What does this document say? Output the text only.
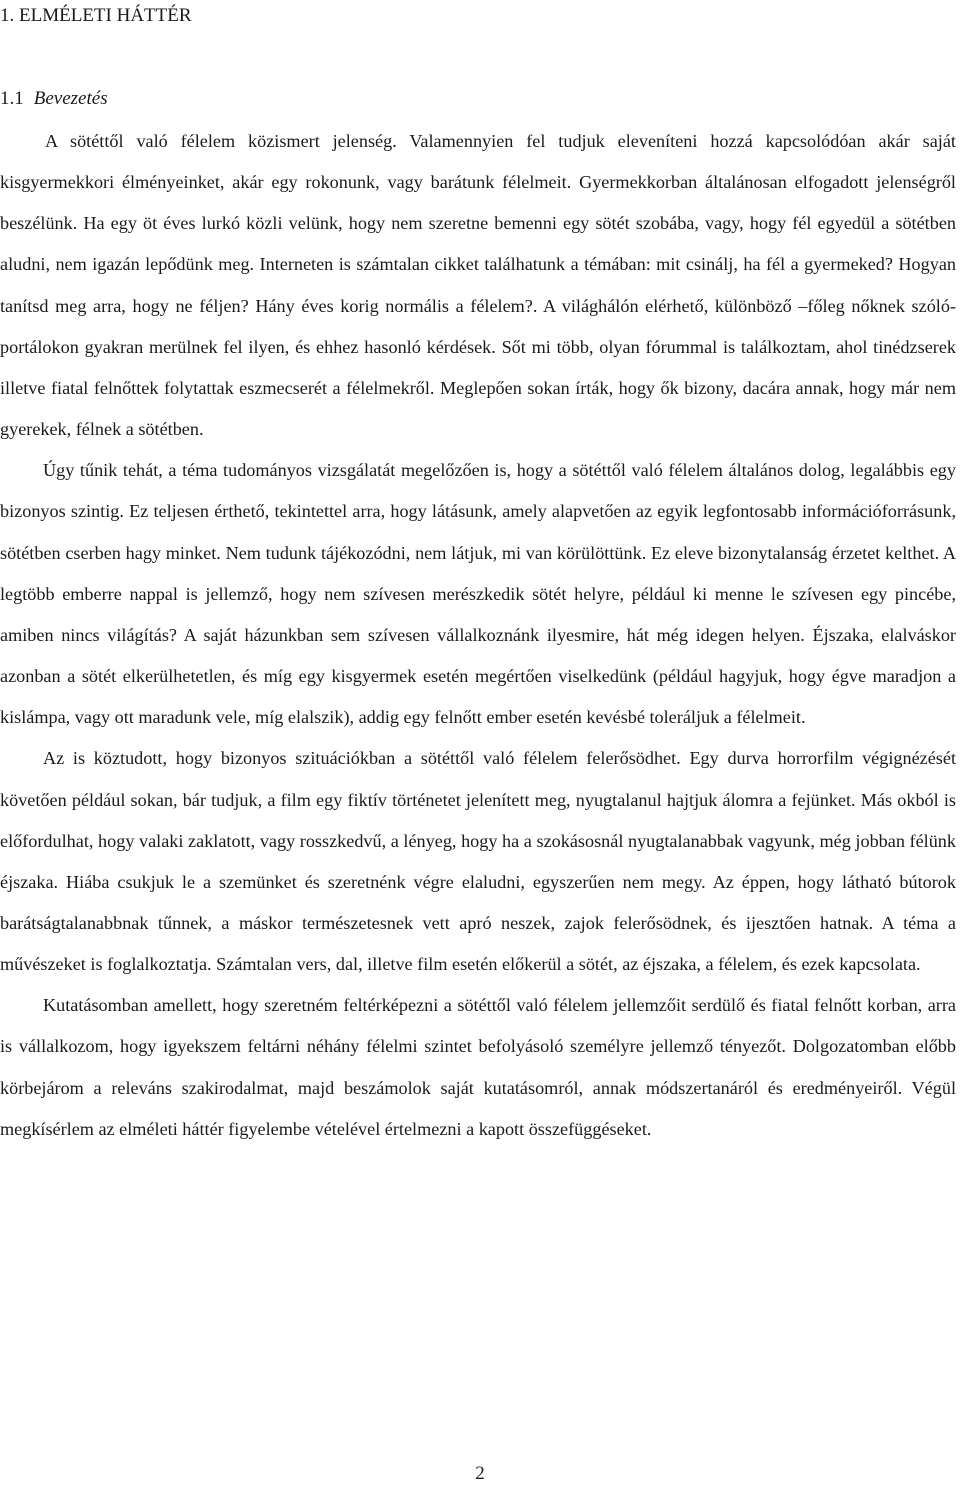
1. ELMÉLETI HÁTTÉR
1.1 Bevezetés

A sötéttől való félelem közismert jelenség. Valamennyien fel tudjuk eleveníteni hozzá kapcsolódóan akár saját kisgyermekkori élményeinket, akár egy rokonunk, vagy barátunk félelmeit. Gyermekkorban általánosan elfogadott jelenségről beszélünk. Ha egy öt éves lurkó közli velünk, hogy nem szeretne bemenni egy sötét szobába, vagy, hogy fél egyedül a sötétben aludni, nem igazán lepődünk meg. Interneten is számtalan cikket találhatunk a témában: mit csinálj, ha fél a gyermeked? Hogyan tanítsd meg arra, hogy ne féljen? Hány éves korig normális a félelem?. A világhálón elérhető, különböző –főleg nőknek szóló- portálokon gyakran merülnek fel ilyen, és ehhez hasonló kérdések. Sőt mi több, olyan fórummal is találkoztam, ahol tinédzserek illetve fiatal felnőttek folytattak eszmecserét a félelmekről. Meglepően sokan írták, hogy ők bizony, dacára annak, hogy már nem gyerekek, félnek a sötétben.

Úgy tűnik tehát, a téma tudományos vizsgálatát megelőzően is, hogy a sötéttől való félelem általános dolog, legalábbis egy bizonyos szintig. Ez teljesen érthető, tekintettel arra, hogy látásunk, amely alapvetően az egyik legfontosabb információforrásunk, sötétben cserben hagy minket. Nem tudunk tájékozódni, nem látjuk, mi van körülöttünk. Ez eleve bizonytalanság érzetet kelthet. A legtöbb emberre nappal is jellemző, hogy nem szívesen merészkedik sötét helyre, például ki menne le szívesen egy pincébe, amiben nincs világítás? A saját házunkban sem szívesen vállalkoznánk ilyesmire, hát még idegen helyen. Éjszaka, elalváskor azonban a sötét elkerülhetetlen, és míg egy kisgyermek esetén megértően viselkedünk (például hagyjuk, hogy égve maradjon a kislámpa, vagy ott maradunk vele, míg elalszik), addig egy felnőtt ember esetén kevésbé toleráljuk a félelmeit.

Az is köztudott, hogy bizonyos szituációkban a sötéttől való félelem felerősödhet. Egy durva horrorfilm végignézését követően például sokan, bár tudjuk, a film egy fiktív történetet jelenített meg, nyugtalanul hajtjuk álomra a fejünket. Más okból is előfordulhat, hogy valaki zaklatott, vagy rosszkedvű, a lényeg, hogy ha a szokásosnál nyugtalanabbak vagyunk, még jobban félünk éjszaka. Hiába csukjuk le a szemünket és szeretnénk végre elaludni, egyszerűen nem megy. Az éppen, hogy látható bútorok barátságtalanabbnak tűnnek, a máskor természetesnek vett apró neszek, zajok felerősödnek, és ijesztően hatnak. A téma a művészeket is foglalkoztatja. Számtalan vers, dal, illetve film esetén előkerül a sötét, az éjszaka, a félelem, és ezek kapcsolata.

Kutatásomban amellett, hogy szeretném feltérképezni a sötéttől való félelem jellemzőit serdülő és fiatal felnőtt korban, arra is vállalkozom, hogy igyekszem feltárni néhány félelmi szintet befolyásoló személyre jellemző tényezőt. Dolgozatomban előbb körbejárom a releváns szakirodalmat, majd beszámolok saját kutatásomról, annak módszertanáról és eredményeiről. Végül megkísérlem az elméleti háttér figyelembe vételével értelmezni a kapott összefüggéseket.

2
